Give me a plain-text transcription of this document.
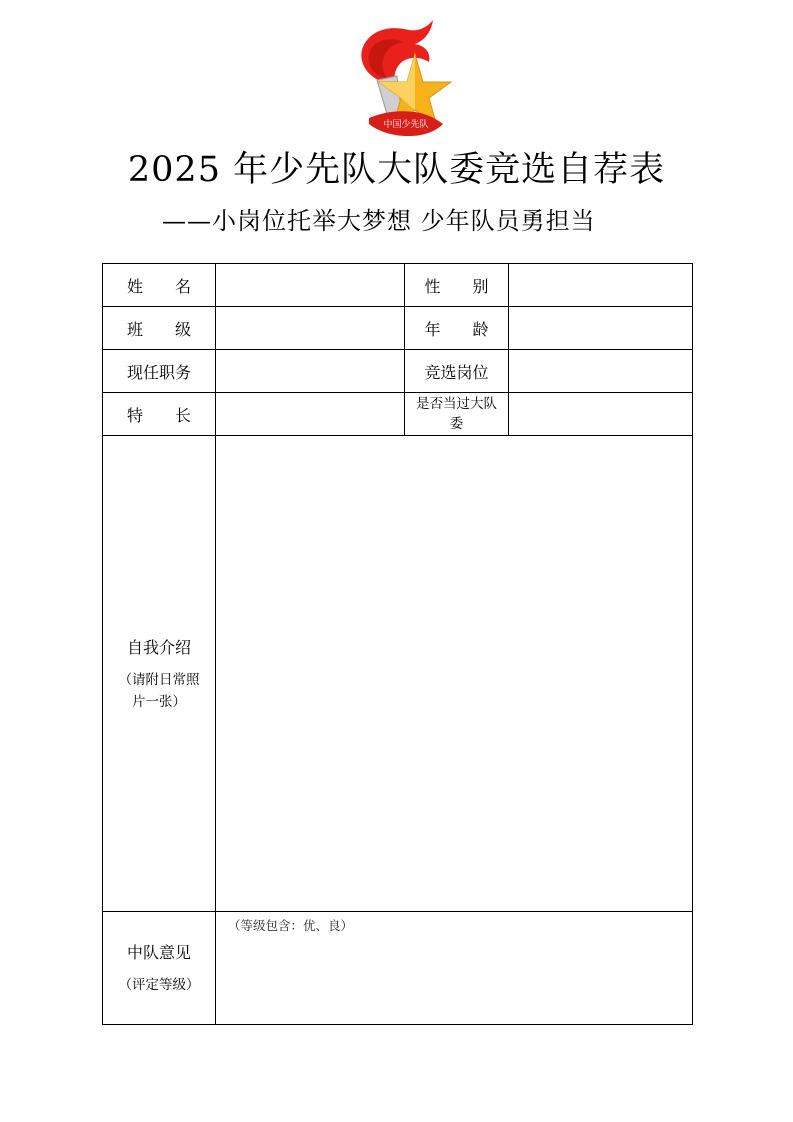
中国少先队
2025 年少先队大队委竞选自荐表
——小岗位托举大梦想 少年队员勇担当
姓　　名		性　　别	
班　　级		年　　龄	
现任职务		竞选岗位	
特　　长		是否当过大队委	

自我介绍
（请附日常照片一张）			

中队意见
（评定等级）	（等级包含：优、良）		
